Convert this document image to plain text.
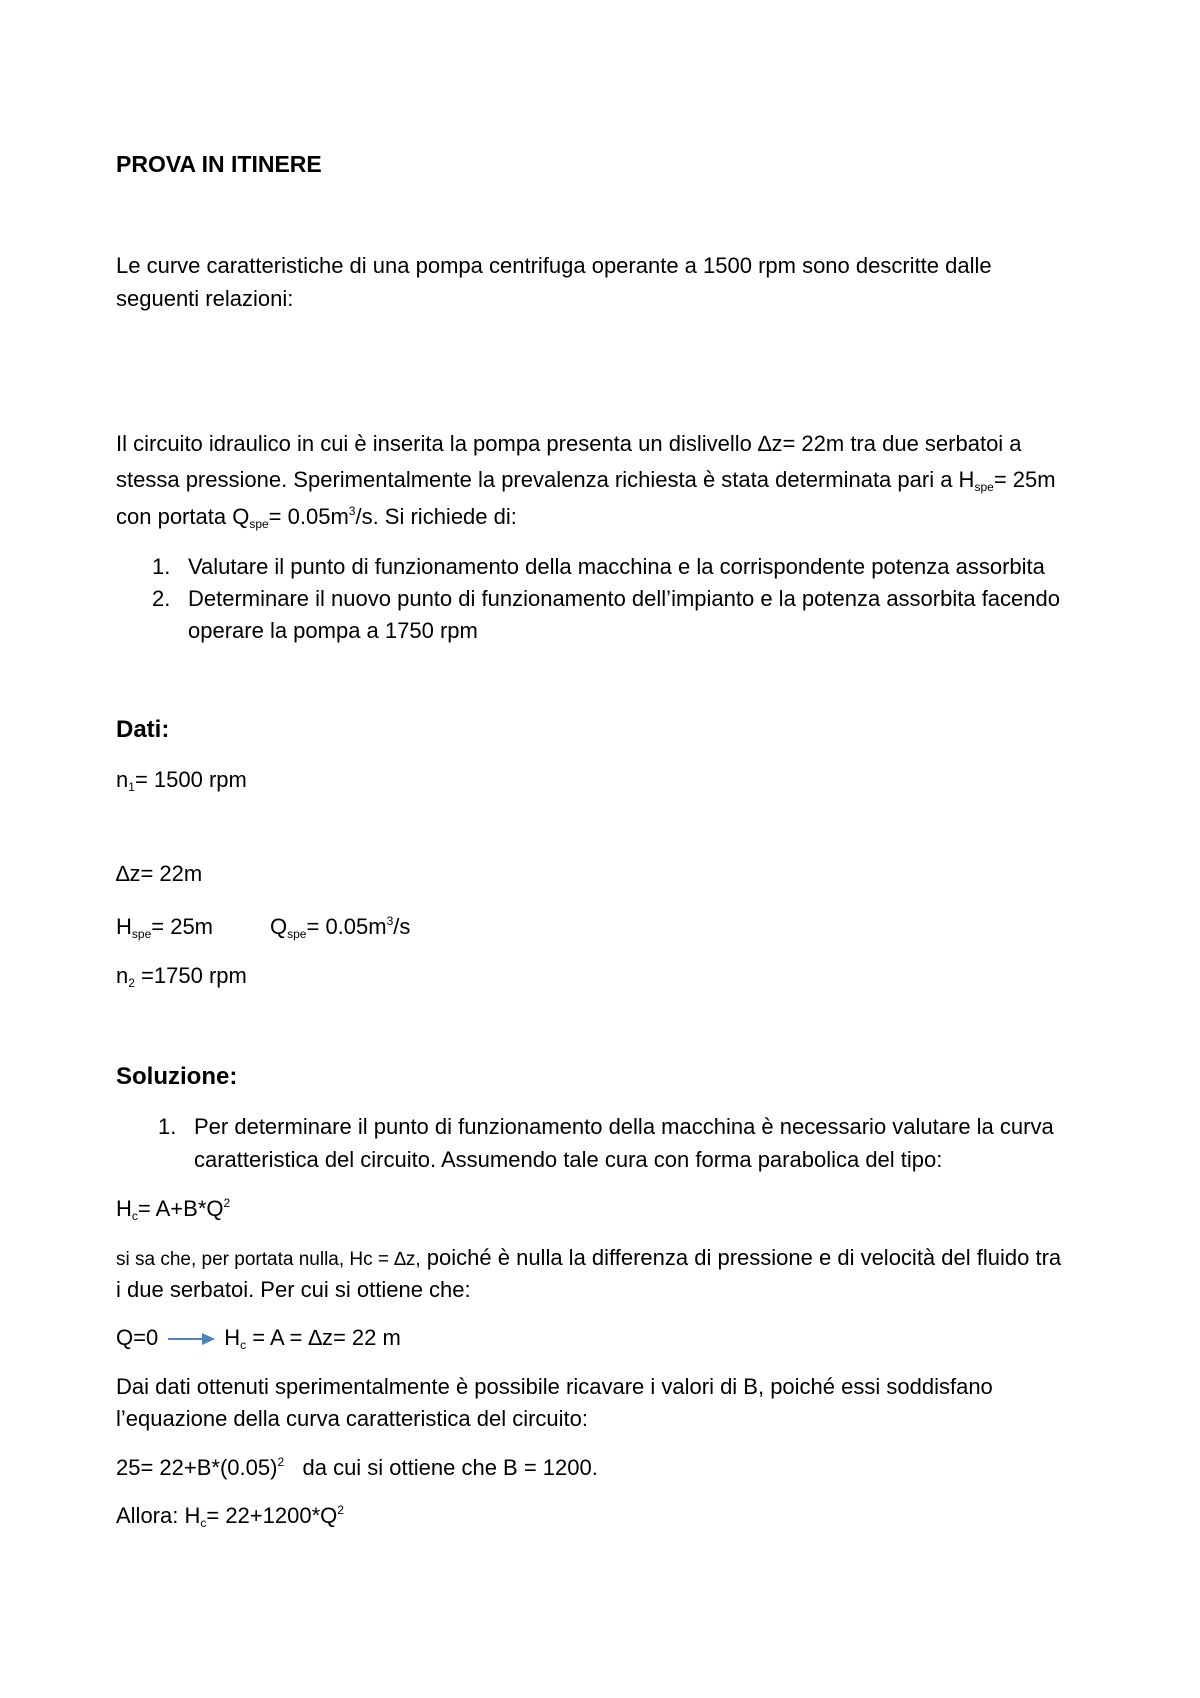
PROVA IN ITINERE

Le curve caratteristiche di una pompa centrifuga operante a 1500 rpm sono descritte dalle

seguenti relazioni:

Il circuito idraulico in cui è inserita la pompa presenta un dislivello ∆z= 22m tra due serbatoi a

stessa pressione. Sperimentalmente la prevalenza richiesta è stata determinata pari a $H_{spe}= 25m$

con portata $Q_{spe}= 0.05m^3/s$. Si richiede di:

1. Valutare il punto di funzionamento della macchina e la corrispondente potenza assorbita

2. Determinare il nuovo punto di funzionamento dell’impianto e la potenza assorbita facendo

operare la pompa a 1750 rpm

Dati:

$n_1= 1500$ rpm

∆z= 22m

$H_{spe}= 25m$	$Q_{spe}= 0.05m^3/s$

$n_2 =1750$ rpm

Soluzione:

1. Per determinare il punto di funzionamento della macchina è necessario valutare la curva

caratteristica del circuito. Assumendo tale cura con forma parabolica del tipo:

$H_c= A+B*Q^2$

si sa che, per portata nulla, Hc = ∆z, poiché è nulla la differenza di pressione e di velocità del fluido tra

i due serbatoi. Per cui si ottiene che:

Q=0	$H_c = A = \Delta z= 22$ m

Dai dati ottenuti sperimentalmente è possibile ricavare i valori di B, poiché essi soddisfano

l’equazione della curva caratteristica del circuito:

$25= 22+B*(0.05)^2$   da cui si ottiene che B = 1200.

Allora: $H_c= 22+1200*Q^2$
